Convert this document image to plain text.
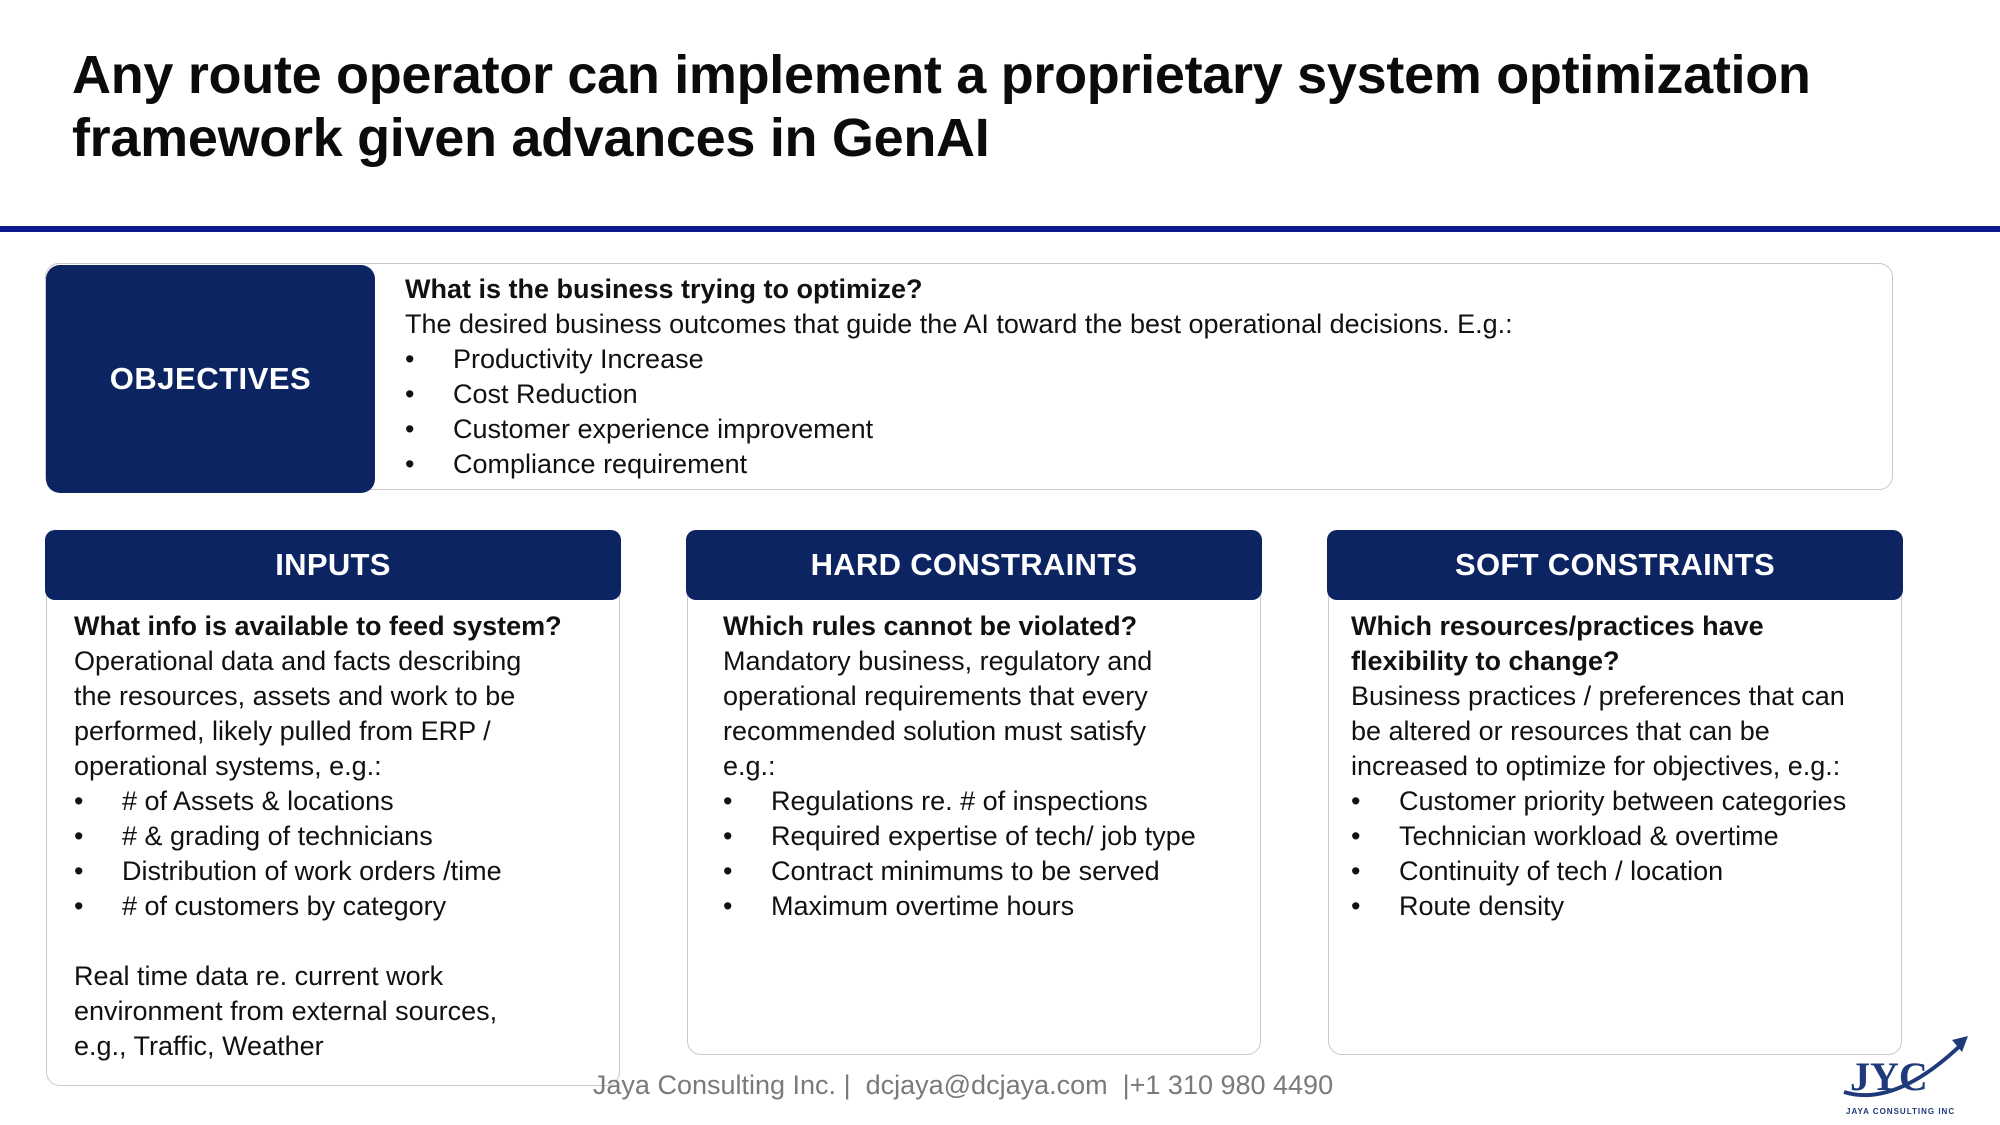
Any route operator can implement a proprietary system optimization
framework given advances in GenAI
OBJECTIVES
What is the business trying to optimize?
The desired business outcomes that guide the AI toward the best operational decisions. E.g.:
• Productivity Increase
• Cost Reduction
• Customer experience improvement
• Compliance requirement
INPUTS
What info is available to feed system?
Operational data and facts describing
the resources, assets and work to be
performed, likely pulled from ERP /
operational systems, e.g.:
• # of Assets & locations
• # & grading of technicians
• Distribution of work orders /time
• # of customers by category
Real time data re. current work
environment from external sources,
e.g., Traffic, Weather
HARD CONSTRAINTS
Which rules cannot be violated?
Mandatory business, regulatory and
operational requirements that every
recommended solution must satisfy
e.g.:
• Regulations re. # of inspections
• Required expertise of tech/ job type
• Contract minimums to be served
• Maximum overtime hours
SOFT CONSTRAINTS
Which resources/practices have
flexibility to change?
Business practices / preferences that can
be altered or resources that can be
increased to optimize for objectives, e.g.:
• Customer priority between categories
• Technician workload & overtime
• Continuity of tech / location
• Route density
Jaya Consulting Inc. | dcjaya@dcjaya.com |+1 310 980 4490	JYC
JAYA CONSULTING INC
